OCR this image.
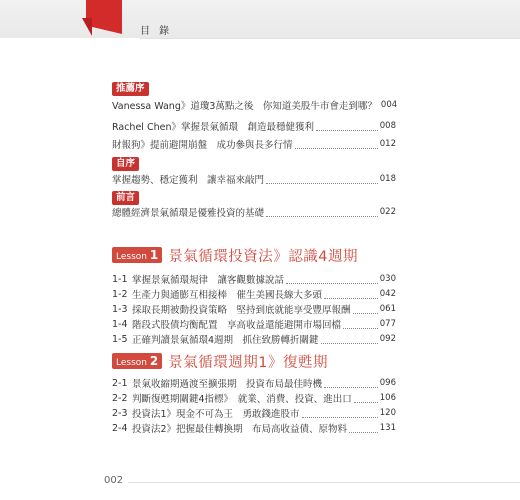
目 錄
推薦序
Vanessa Wang》道瓊3萬點之後　你知道美股牛市會走到哪？ 004
Rachel Chen》掌握景氣循環　創造最穩健獲利	008
財報狗》提前避開崩盤　成功參與長多行情	012
自序
掌握趨勢、穩定獲利　讓幸福來敲門	018
前言
總體經濟景氣循環是優雅投資的基礎	022
Lesson 1 景氣循環投資法》認識4週期
1-1 掌握景氣循環規律　讓客觀數據說話	030
1-2 生產力與通膨互相接棒　催生美國長線大多頭	042
1-3 採取長期被動投資策略　堅持到底就能享受豐厚報酬	061
1-4 階段式股債均衡配置　享高收益還能避開市場回檔	077
1-5 正確判讀景氣循環4週期　抓住致勝轉折關鍵	092
Lesson 2 景氣循環週期1》復甦期
2-1 景氣收縮期過渡至擴張期　投資布局最佳時機	096
2-2 判斷復甦期關鍵4指標》　就業、消費、投資、進出口	106
2-3 投資法1》現金不可為王　勇敢錢進股市	120
2-4 投資法2》把握最佳轉換期　布局高收益債、原物料	131
002
